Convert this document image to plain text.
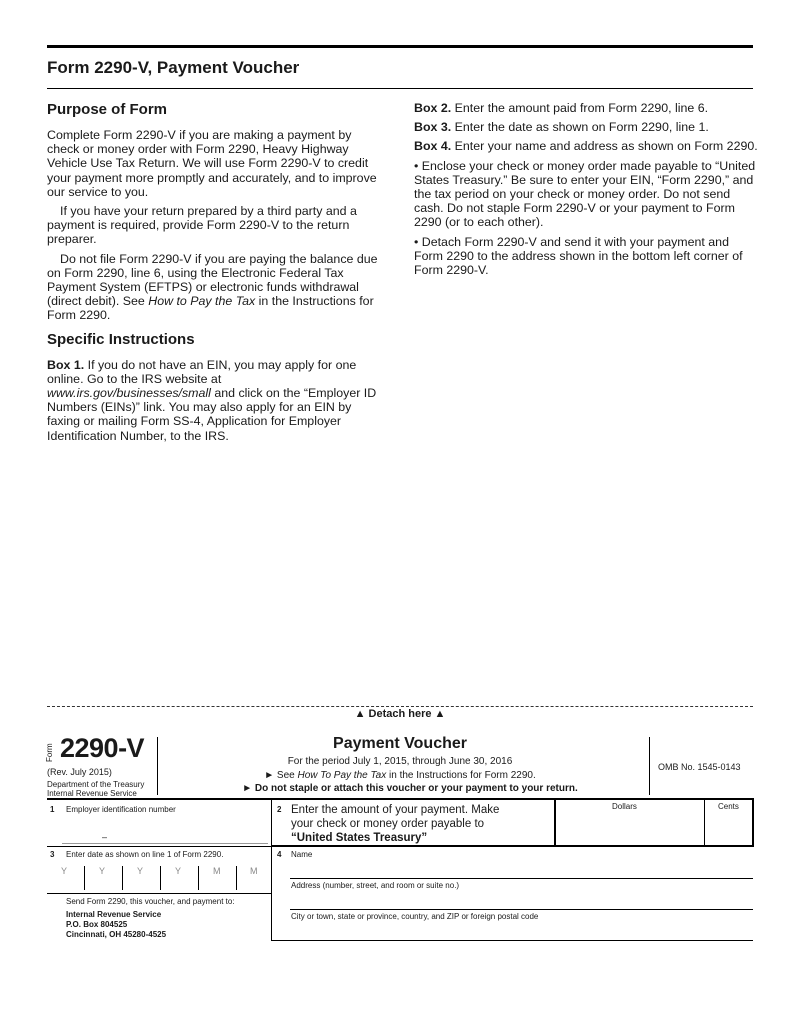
Form 2290-V, Payment Voucher
Purpose of Form

Complete Form 2290-V if you are making a payment by check or money order with Form 2290, Heavy Highway Vehicle Use Tax Return. We will use Form 2290-V to credit your payment more promptly and accurately, and to improve our service to you.

If you have your return prepared by a third party and a payment is required, provide Form 2290-V to the return preparer.

Do not file Form 2290-V if you are paying the balance due on Form 2290, line 6, using the Electronic Federal Tax Payment System (EFTPS) or electronic funds withdrawal (direct debit). See How to Pay the Tax in the Instructions for Form 2290.

Specific Instructions

Box 1. If you do not have an EIN, you may apply for one online. Go to the IRS website at www.irs.gov/businesses/small and click on the “Employer ID Numbers (EINs)” link. You may also apply for an EIN by faxing or mailing Form SS-4, Application for Employer Identification Number, to the IRS.

Box 2. Enter the amount paid from Form 2290, line 6.

Box 3. Enter the date as shown on Form 2290, line 1.

Box 4. Enter your name and address as shown on Form 2290.

• Enclose your check or money order made payable to “United States Treasury.” Be sure to enter your EIN, “Form 2290,” and the tax period on your check or money order. Do not send cash. Do not staple Form 2290-V or your payment to Form 2290 (or to each other).

• Detach Form 2290-V and send it with your payment and Form 2290 to the address shown in the bottom left corner of Form 2290-V.

▲ Detach here ▲
Form 2290-V
(Rev. July 2015)
Department of the Treasury
Internal Revenue Service
Payment Voucher
For the period July 1, 2015, through June 30, 2016
► See How To Pay the Tax in the Instructions for Form 2290.
► Do not staple or attach this voucher or your payment to your return.
OMB No. 1545-0143
1 Employer identification number
–
2 Enter the amount of your payment. Make
your check or money order payable to
“United States Treasury”
Dollars	Cents
3 Enter date as shown on line 1 of Form 2290.
Y	Y	Y	Y	M	M
Send Form 2290, this voucher, and payment to:
Internal Revenue Service
P.O. Box 804525
Cincinnati, OH 45280-4525
4 Name
Address (number, street, and room or suite no.)
City or town, state or province, country, and ZIP or foreign postal code
